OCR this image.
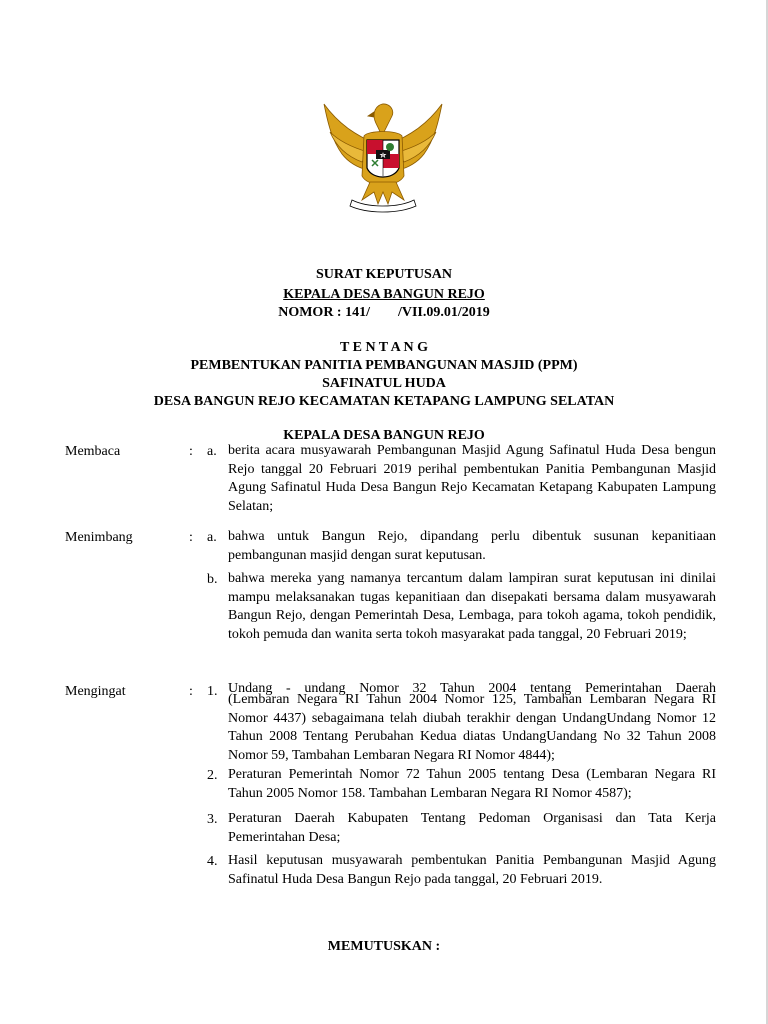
SURAT KEPUTUSAN
KEPALA DESA BANGUN REJO
NOMOR : 141/        /VII.09.01/2019
T E N T A N G
PEMBENTUKAN PANITIA PEMBANGUNAN MASJID (PPM)
SAFINATUL HUDA
DESA BANGUN REJO KECAMATAN KETAPANG LAMPUNG SELATAN
KEPALA DESA BANGUN REJO
Membaca	: a. berita acara musyawarah Pembangunan Masjid Agung Safinatul Huda Desa bengun Rejo tanggal 20 Februari 2019 perihal pembentukan Panitia Pembangunan Masjid Agung Safinatul Huda Desa Bangun Rejo Kecamatan Ketapang Kabupaten Lampung Selatan;
Menimbang	: a. bahwa untuk Bangun Rejo, dipandang perlu dibentuk susunan kepanitiaan pembangunan masjid dengan surat keputusan.
b. bahwa mereka yang namanya tercantum dalam lampiran surat keputusan ini dinilai mampu melaksanakan tugas kepanitiaan dan disepakati bersama dalam musyawarah Bangun Rejo, dengan Pemerintah Desa, Lembaga, para tokoh agama, tokoh pendidik, tokoh pemuda dan wanita serta tokoh masyarakat pada tanggal, 20 Februari 2019;
Mengingat	: 1. Undang - undang Nomor 32 Tahun 2004 tentang Pemerintahan Daerah
(Lembaran Negara RI Tahun 2004 Nomor 125, Tambahan Lembaran Negara RI Nomor 4437) sebagaimana telah diubah terakhir dengan UndangUndang Nomor 12 Tahun 2008 Tentang Perubahan Kedua diatas UndangUandang No 32 Tahun 2008 Nomor 59, Tambahan Lembaran Negara RI Nomor 4844);
2. Peraturan Pemerintah Nomor 72 Tahun 2005 tentang Desa (Lembaran Negara RI Tahun 2005 Nomor 158. Tambahan Lembaran Negara RI Nomor 4587);
3. Peraturan Daerah Kabupaten Tentang Pedoman Organisasi dan Tata Kerja Pemerintahan Desa;
4. Hasil keputusan musyawarah pembentukan Panitia Pembangunan Masjid Agung Safinatul Huda Desa Bangun Rejo pada tanggal, 20 Februari 2019.
MEMUTUSKAN :
